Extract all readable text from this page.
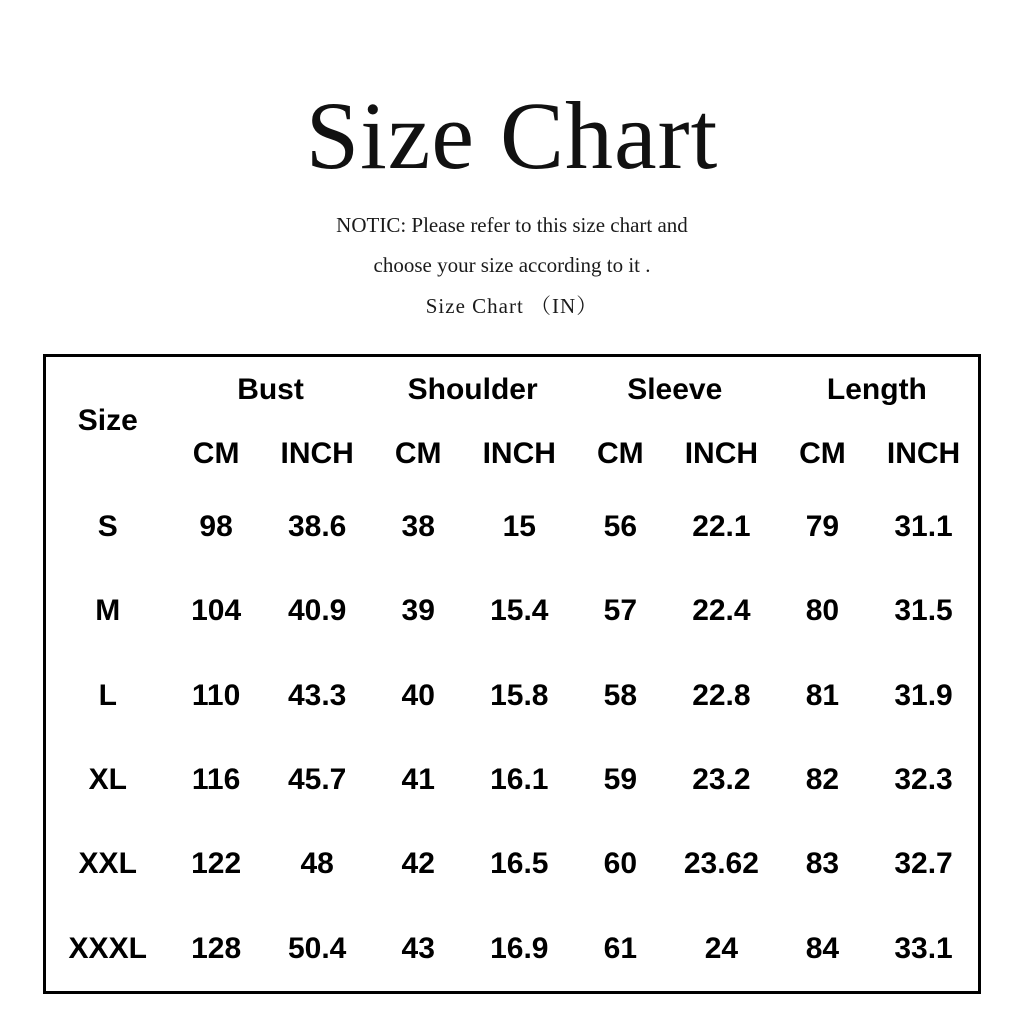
Size Chart
NOTIC: Please refer to this size chart and
choose your size according to it .
Size Chart （IN）
Size	Bust		Shoulder		Sleeve		Length	
	CM	INCH	CM	INCH	CM	INCH	CM	INCH
S	98	38.6	38	15	56	22.1	79	31.1
M	104	40.9	39	15.4	57	22.4	80	31.5
L	110	43.3	40	15.8	58	22.8	81	31.9
XL	116	45.7	41	16.1	59	23.2	82	32.3
XXL	122	48	42	16.5	60	23.62	83	32.7
XXXL	128	50.4	43	16.9	61	24	84	33.1
